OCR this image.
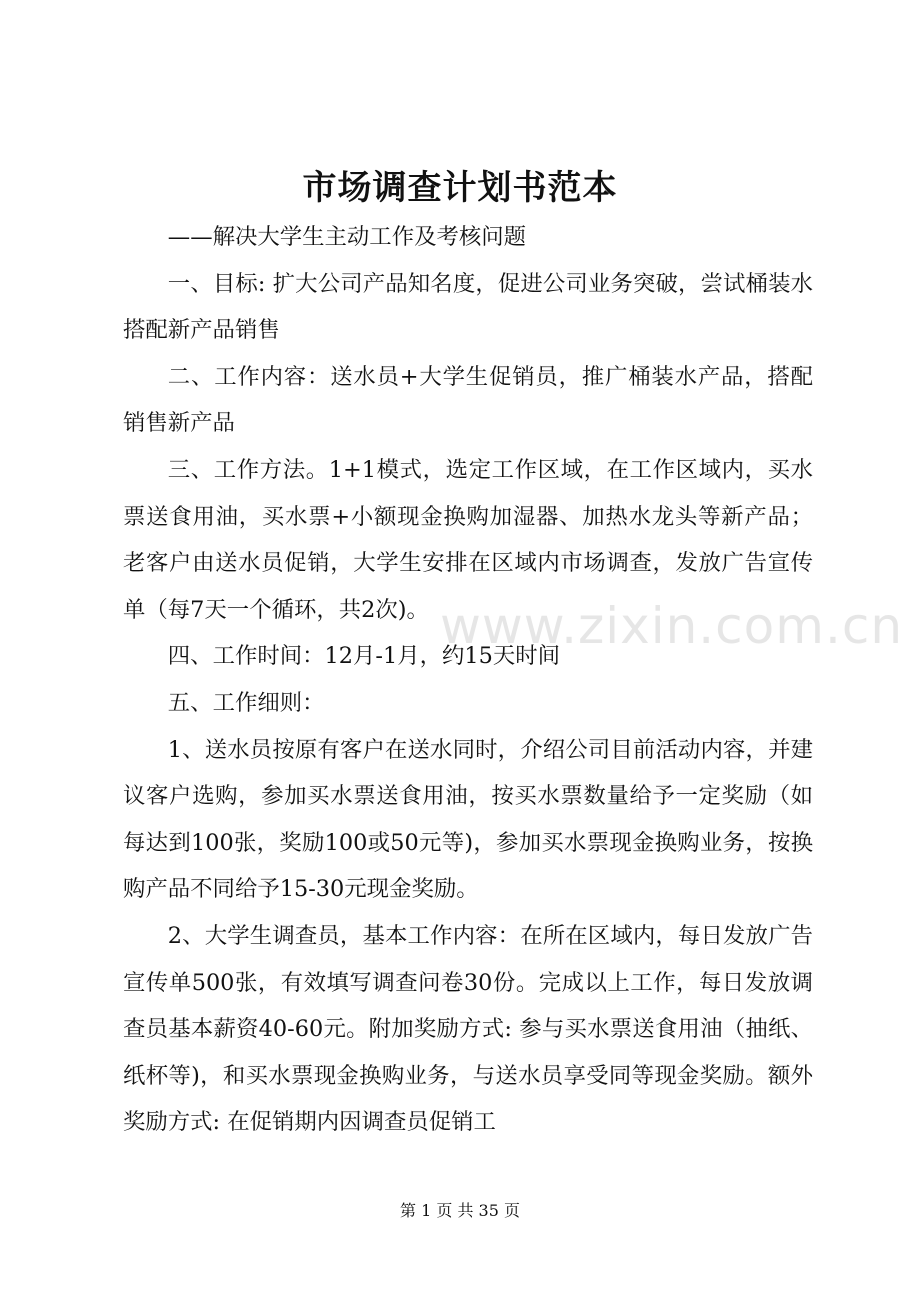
市场调查计划书范本

——解决大学生主动工作及考核问题

一、目标: 扩大公司产品知名度，促进公司业务突破，尝试桶装水搭配新产品销售

二、工作内容：送水员+大学生促销员，推广桶装水产品，搭配销售新产品

三、工作方法。1+1模式，选定工作区域，在工作区域内，买水票送食用油，买水票+小额现金换购加湿器、加热水龙头等新产品；老客户由送水员促销，大学生安排在区域内市场调查，发放广告宣传单（每7天一个循环，共2次)。

四、工作时间：12月-1月，约15天时间

五、工作细则：

1、送水员按原有客户在送水同时，介绍公司目前活动内容，并建议客户选购，参加买水票送食用油，按买水票数量给予一定奖励（如每达到100张，奖励100或50元等)，参加买水票现金换购业务，按换购产品不同给予15-30元现金奖励。

2、大学生调查员，基本工作内容：在所在区域内，每日发放广告宣传单500张，有效填写调查问卷30份。完成以上工作，每日发放调查员基本薪资40-60元。附加奖励方式: 参与买水票送食用油（抽纸、纸杯等)，和买水票现金换购业务，与送水员享受同等现金奖励。额外奖励方式: 在促销期内因调查员促销工

www.zixin.com.cn
第 1 页 共 35 页
